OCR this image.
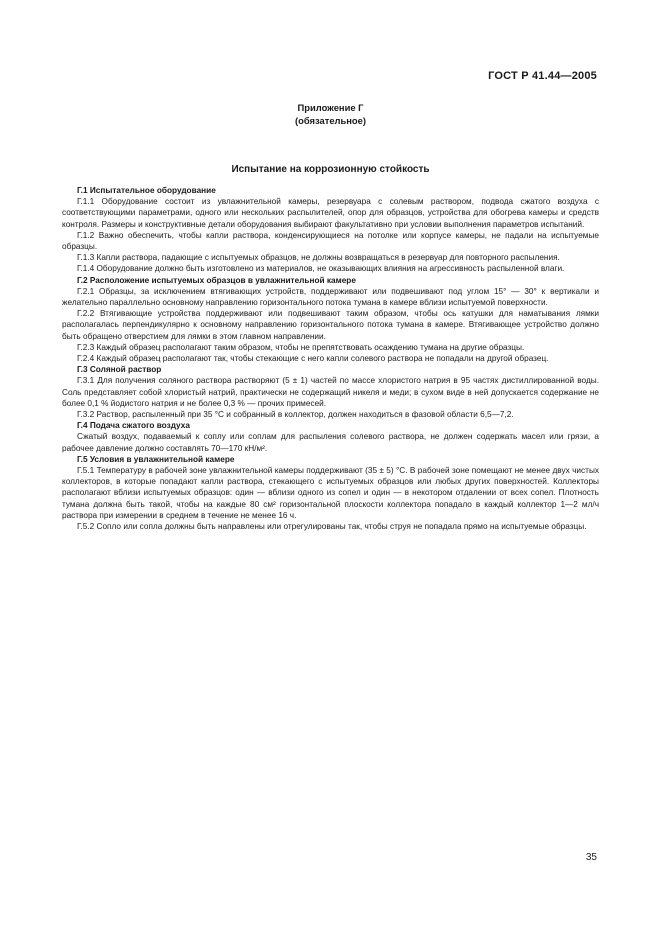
ГОСТ Р 41.44—2005
Приложение Г
(обязательное)
Испытание на коррозионную стойкость
Г.1 Испытательное оборудование

Г.1.1 Оборудование состоит из увлажнительной камеры, резервуара с солевым раствором, подвода сжатого воздуха с соответствующими параметрами, одного или нескольких распылителей, опор для образцов, устройства для обогрева камеры и средств контроля. Размеры и конструктивные детали оборудования выбирают факультативно при условии выполнения параметров испытаний.

Г.1.2 Важно обеспечить, чтобы капли раствора, конденсирующиеся на потолке или корпусе камеры, не падали на испытуемые образцы.

Г.1.3 Капли раствора, падающие с испытуемых образцов, не должны возвращаться в резервуар для повторного распыления.

Г.1.4 Оборудование должно быть изготовлено из материалов, не оказывающих влияния на агрессивность распыленной влаги.

Г.2 Расположение испытуемых образцов в увлажнительной камере

Г.2.1 Образцы, за исключением втягивающих устройств, поддерживают или подвешивают под углом 15° — 30° к вертикали и желательно параллельно основному направлению горизонтального потока тумана в камере вблизи испытуемой поверхности.

Г.2.2 Втягивающие устройства поддерживают или подвешивают таким образом, чтобы ось катушки для наматывания лямки располагалась перпендикулярно к основному направлению горизонтального потока тумана в камере. Втягивающее устройство должно быть обращено отверстием для лямки в этом главном направлении.

Г.2.3 Каждый образец располагают таким образом, чтобы не препятствовать осаждению тумана на другие образцы.

Г.2.4 Каждый образец располагают так, чтобы стекающие с него капли солевого раствора не попадали на другой образец.

Г.3 Соляной раствор

Г.3.1 Для получения соляного раствора растворяют (5 ± 1) частей по массе хлористого натрия в 95 частях дистиллированной воды. Соль представляет собой хлористый натрий, практически не содержащий никеля и меди; в сухом виде в ней допускается содержание не более 0,1 % йодистого натрия и не более 0,3 % — прочих примесей.

Г.3.2 Раствор, распыленный при 35 °С и собранный в коллектор, должен находиться в фазовой области 6,5—7,2.

Г.4 Подача сжатого воздуха

Сжатый воздух, подаваемый к соплу или соплам для распыления солевого раствора, не должен содержать масел или грязи, а рабочее давление должно составлять 70—170 кН/м².

Г.5 Условия в увлажнительной камере

Г.5.1 Температуру в рабочей зоне увлажнительной камеры поддерживают (35 ± 5) °С. В рабочей зоне помещают не менее двух чистых коллекторов, в которые попадают капли раствора, стекающего с испытуемых образцов или любых других поверхностей. Коллекторы располагают вблизи испытуемых образцов: один — вблизи одного из сопел и один — в некотором отдалении от всех сопел. Плотность тумана должна быть такой, чтобы на каждые 80 см² горизонтальной плоскости коллектора попадало в каждый коллектор 1—2 мл/ч раствора при измерении в среднем в течение не менее 16 ч.

Г.5.2 Сопло или сопла должны быть направлены или отрегулированы так, чтобы струя не попадала прямо на испытуемые образцы.

35
